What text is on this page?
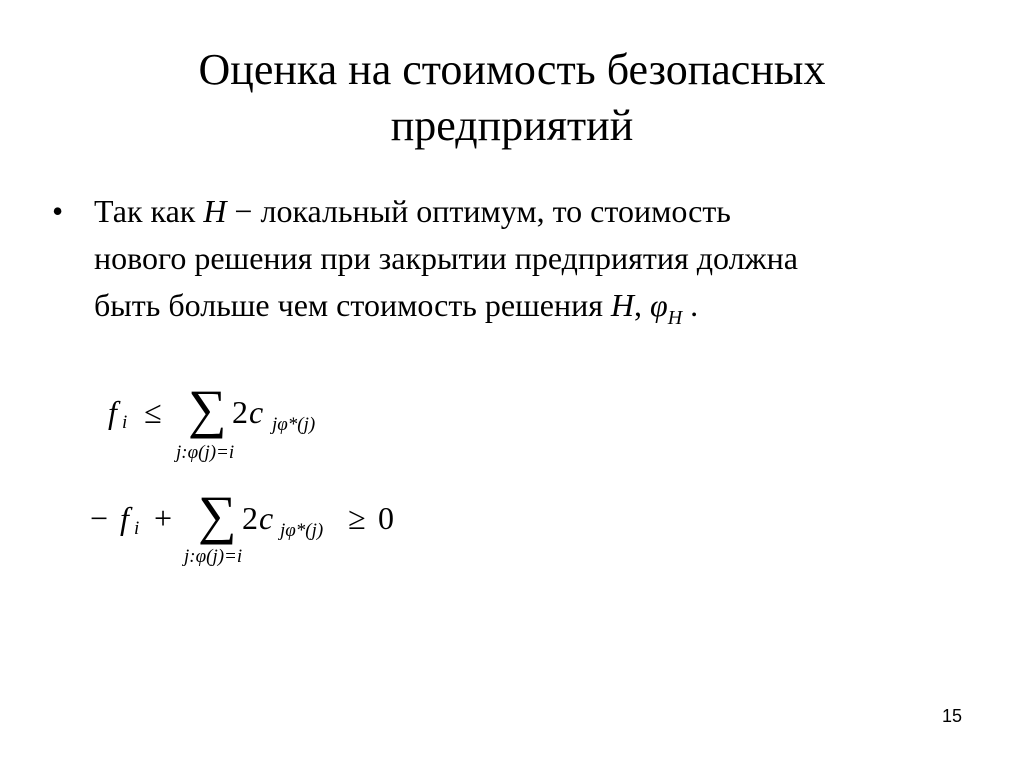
Оценка на стоимость безопасных
предприятий
• Так как H − локальный оптимум, то стоимость
нового решения при закрытии предприятия должна
быть больше чем стоимость решения H, $\varphi_H$ .
f i ≤ ∑ 2 c jφ*(j)
j:φ(j)=i
− f i + ∑ 2 c jφ*(j) ≥ 0
j:φ(j)=i
15
